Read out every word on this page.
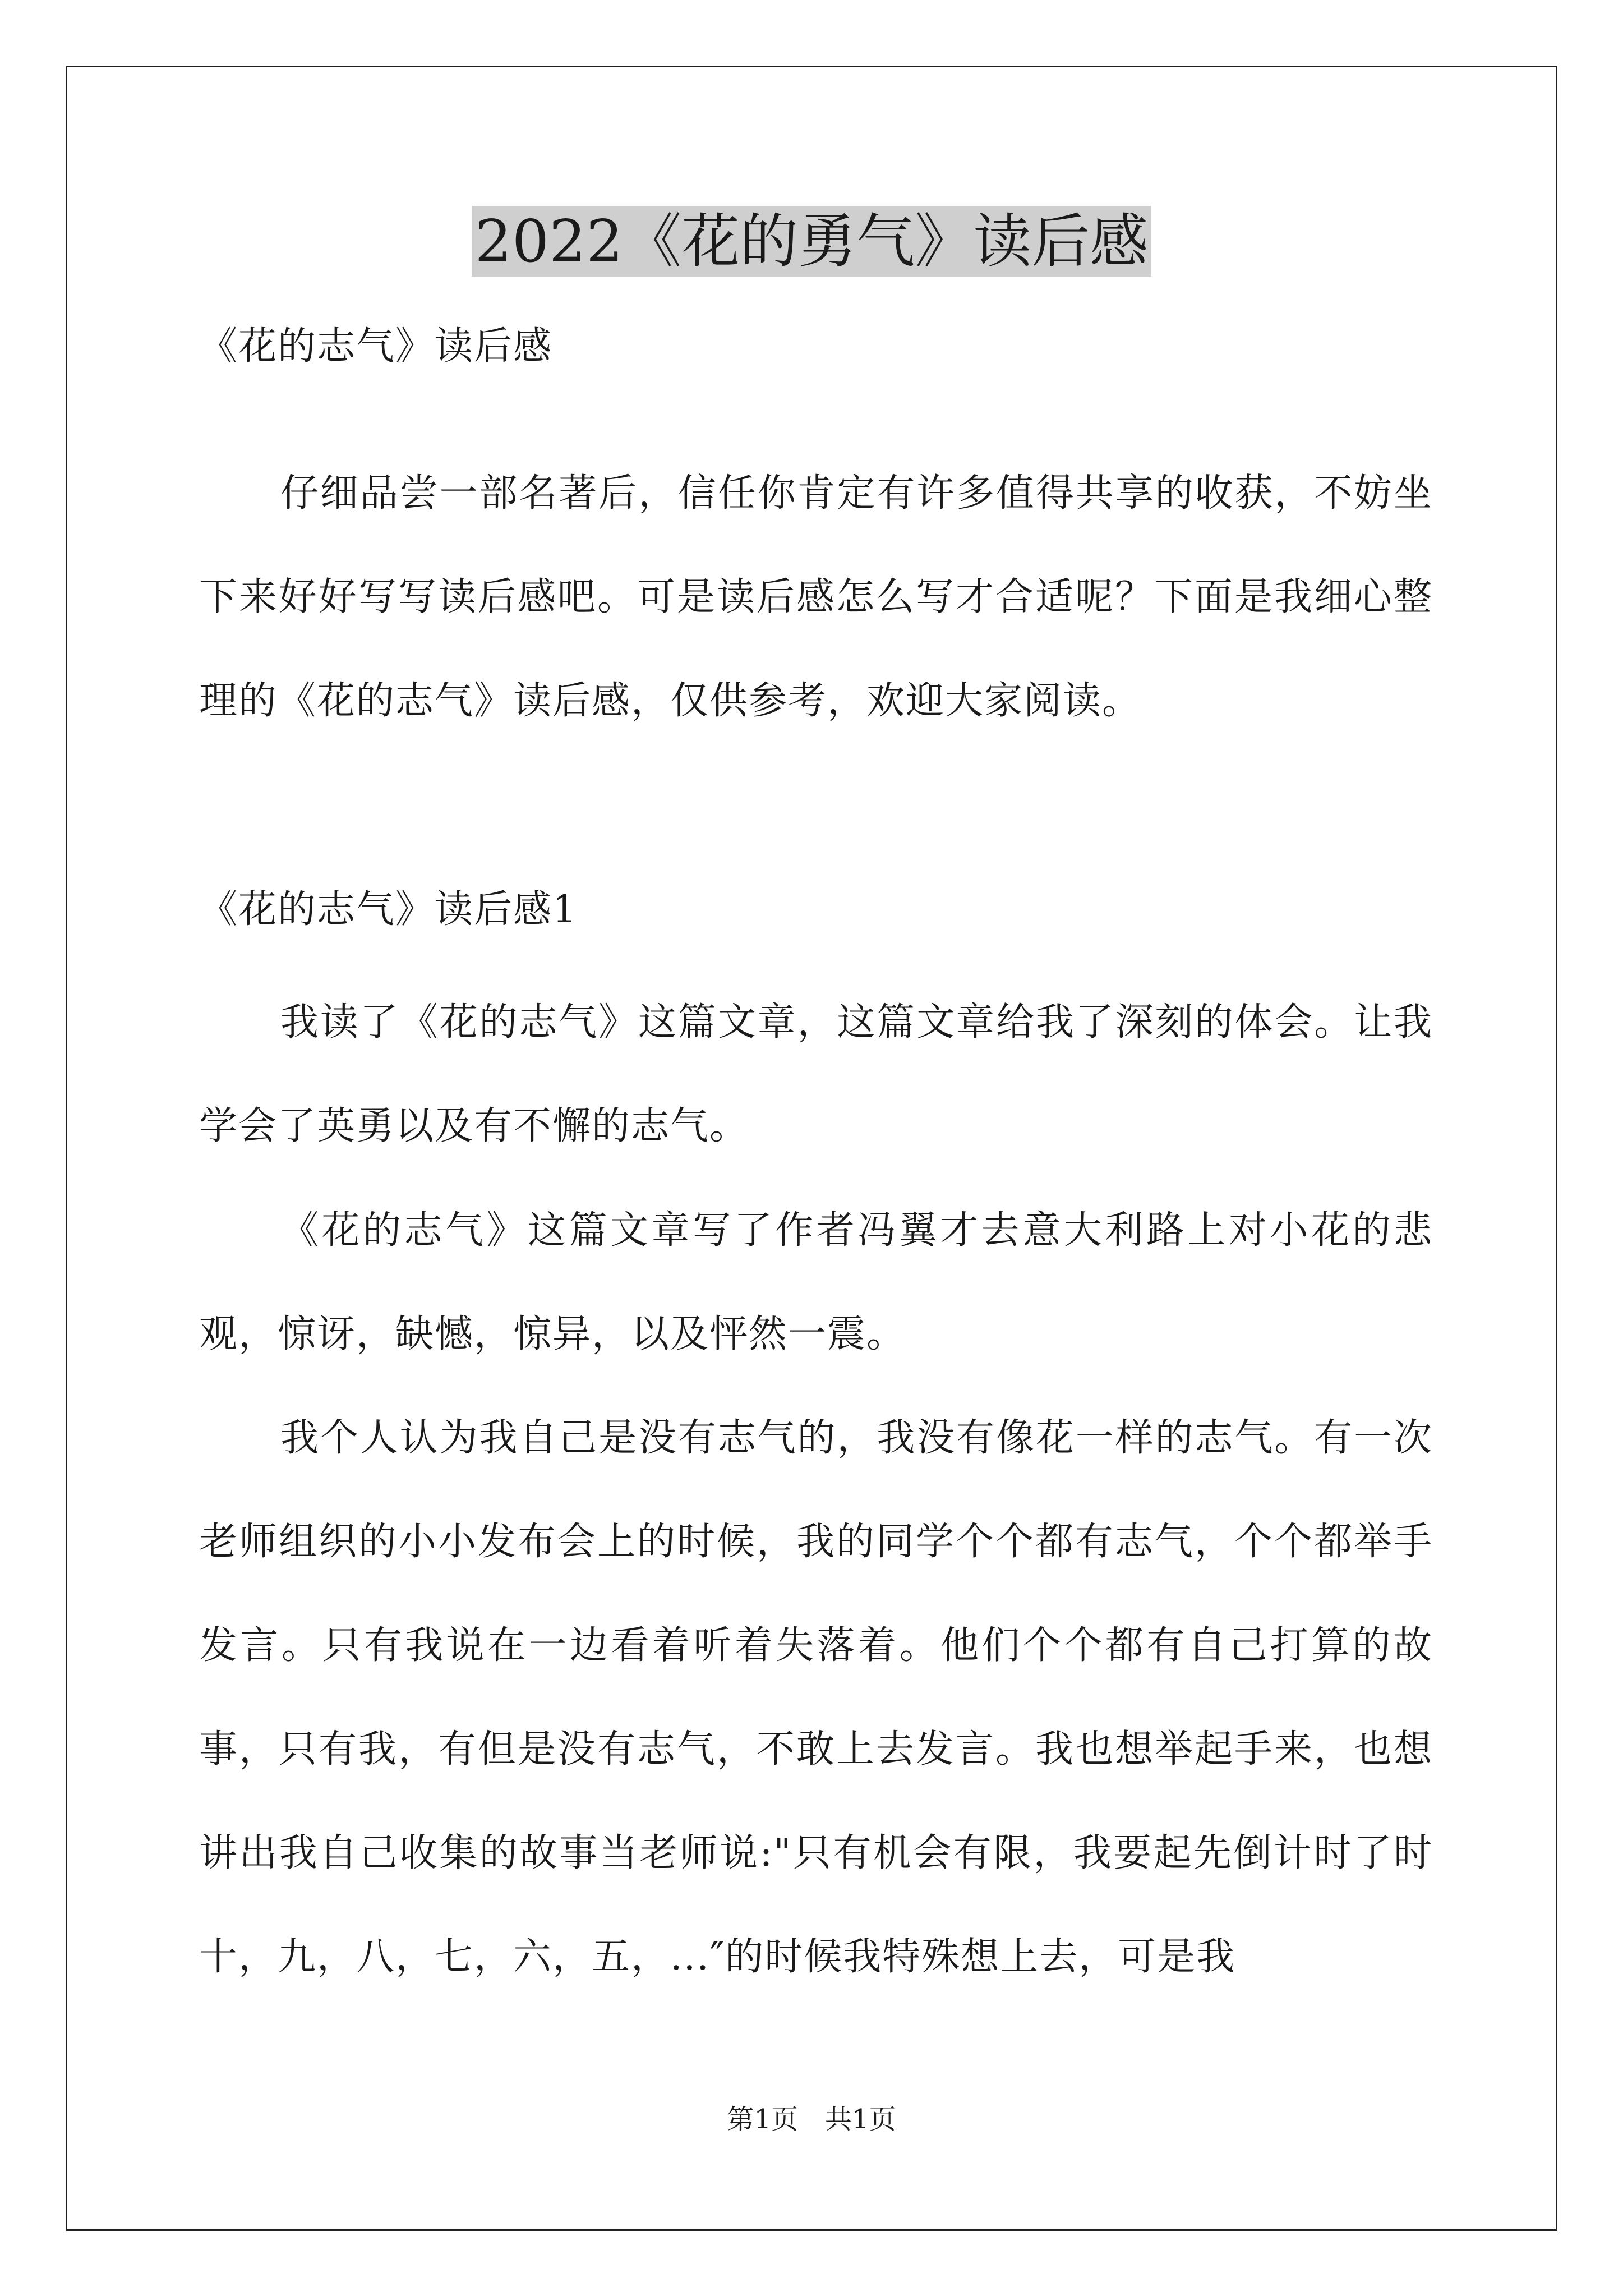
2022《花的勇气》读后感

《花的志气》读后感

仔细品尝一部名著后，信任你肯定有许多值得共享的收获，不妨坐下来好好写写读后感吧。可是读后感怎么写才合适呢？下面是我细心整理的《花的志气》读后感，仅供参考，欢迎大家阅读。

《花的志气》读后感1

我读了《花的志气》这篇文章，这篇文章给我了深刻的体会。让我学会了英勇以及有不懈的志气。

《花的志气》这篇文章写了作者冯翼才去意大利路上对小花的悲观，惊讶，缺憾，惊异，以及怦然一震。

我个人认为我自己是没有志气的，我没有像花一样的志气。有一次老师组织的小小发布会上的时候，我的同学个个都有志气，个个都举手发言。只有我说在一边看着听着失落着。他们个个都有自己打算的故事，只有我，有但是没有志气，不敢上去发言。我也想举起手来，也想讲出我自己收集的故事当老师说:"只有机会有限，我要起先倒计时了时十，九，八，七，六，五，...″的时候我特殊想上去，可是我

第1页　共1页
